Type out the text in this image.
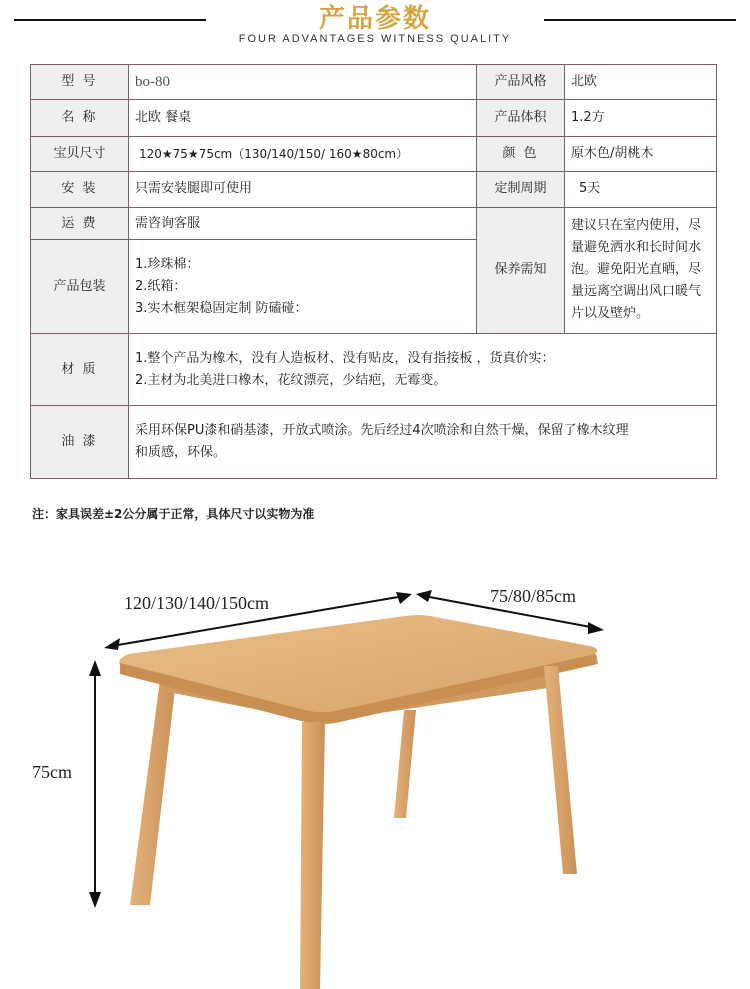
产品参数
FOUR ADVANTAGES WITNESS QUALITY
型 号	bo-80	产品风格	北欧
名 称	北欧 餐桌	产品体积	1.2方
宝贝尺寸	120★75★75cm（130/140/150/ 160★80cm）	颜 色	原木色/胡桃木
安 装	只需安装腿即可使用	定制周期	5天
运 费	需咨询客服	保养需知	建议只在室内使用，尽量避免洒水和长时间水泡。避免阳光直晒，尽量远离空调出风口暖气片以及壁炉。
产品包装	1.珍珠棉：
2.纸箱：
3.实木框架稳固定制 防磕碰：		

材 质	1.整个产品为橡木，没有人造板材、没有贴皮，没有指接板 ，货真价实：
2.主材为北美进口橡木，花纹漂亮，少结疤，无霉变。		

油 漆	采用环保PU漆和硝基漆，开放式喷涂。先后经过4次喷涂和自然干燥，保留了橡木纹理
和质感，环保。		
注：家具误差±2公分属于正常，具体尺寸以实物为准
120/130/140/150cm	75/80/85cm
75cm
